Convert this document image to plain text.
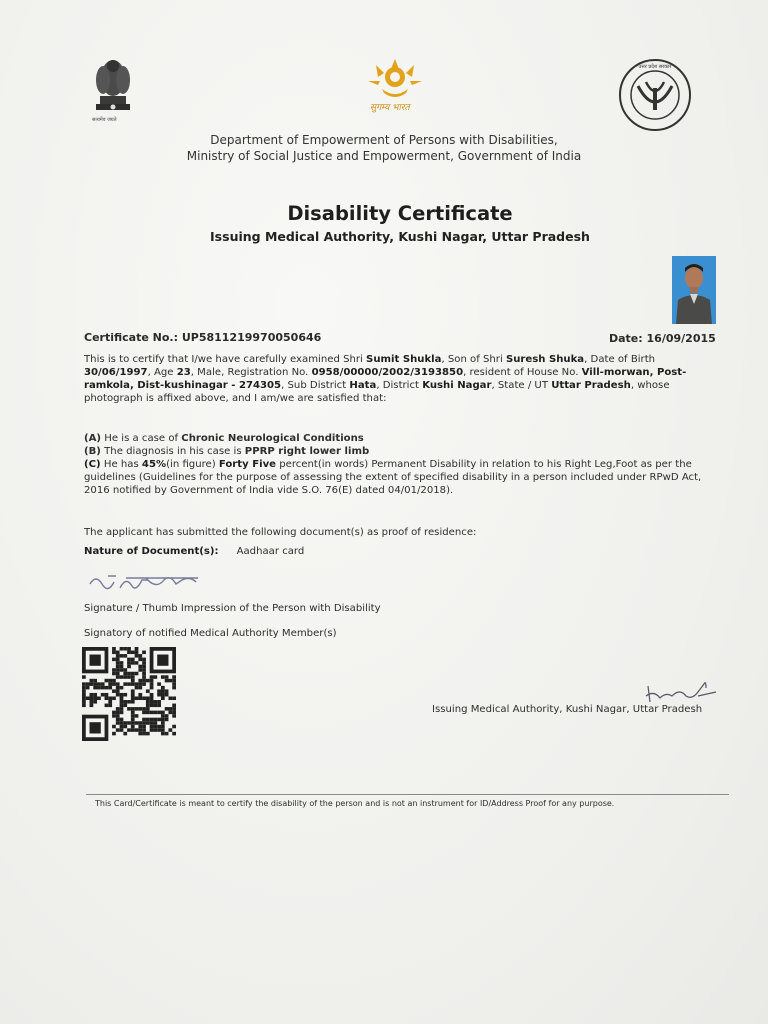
सत्यमेव जयते
सुगम्य भारत
उत्तर प्रदेश सरकार
Department of Empowerment of Persons with Disabilities,
Ministry of Social Justice and Empowerment, Government of India
Disability Certificate
Issuing Medical Authority, Kushi Nagar, Uttar Pradesh
Certificate No.: UP5811219970050646	Date: 16/09/2015
This is to certify that I/we have carefully examined Shri Sumit Shukla, Son of Shri Suresh Shuka, Date of Birth 30/06/1997, Age 23, Male, Registration No. 0958/00000/2002/3193850, resident of House No. Vill-morwan, Post-ramkola, Dist-kushinagar - 274305, Sub District Hata, District Kushi Nagar, State / UT Uttar Pradesh, whose photograph is affixed above, and I am/we are satisfied that:
(A) He is a case of Chronic Neurological Conditions
(B) The diagnosis in his case is PPRP right lower limb
(C) He has 45%(in figure) Forty Five percent(in words) Permanent Disability in relation to his Right Leg,Foot as per the guidelines (Guidelines for the purpose of assessing the extent of specified disability in a person included under RPwD Act, 2016 notified by Government of India vide S.O. 76(E) dated 04/01/2018).
The applicant has submitted the following document(s) as proof of residence:
Nature of Document(s): Aadhaar card
Signature / Thumb Impression of the Person with Disability
Signatory of notified Medical Authority Member(s)
Issuing Medical Authority, Kushi Nagar, Uttar Pradesh
This Card/Certificate is meant to certify the disability of the person and is not an instrument for ID/Address Proof for any purpose.
